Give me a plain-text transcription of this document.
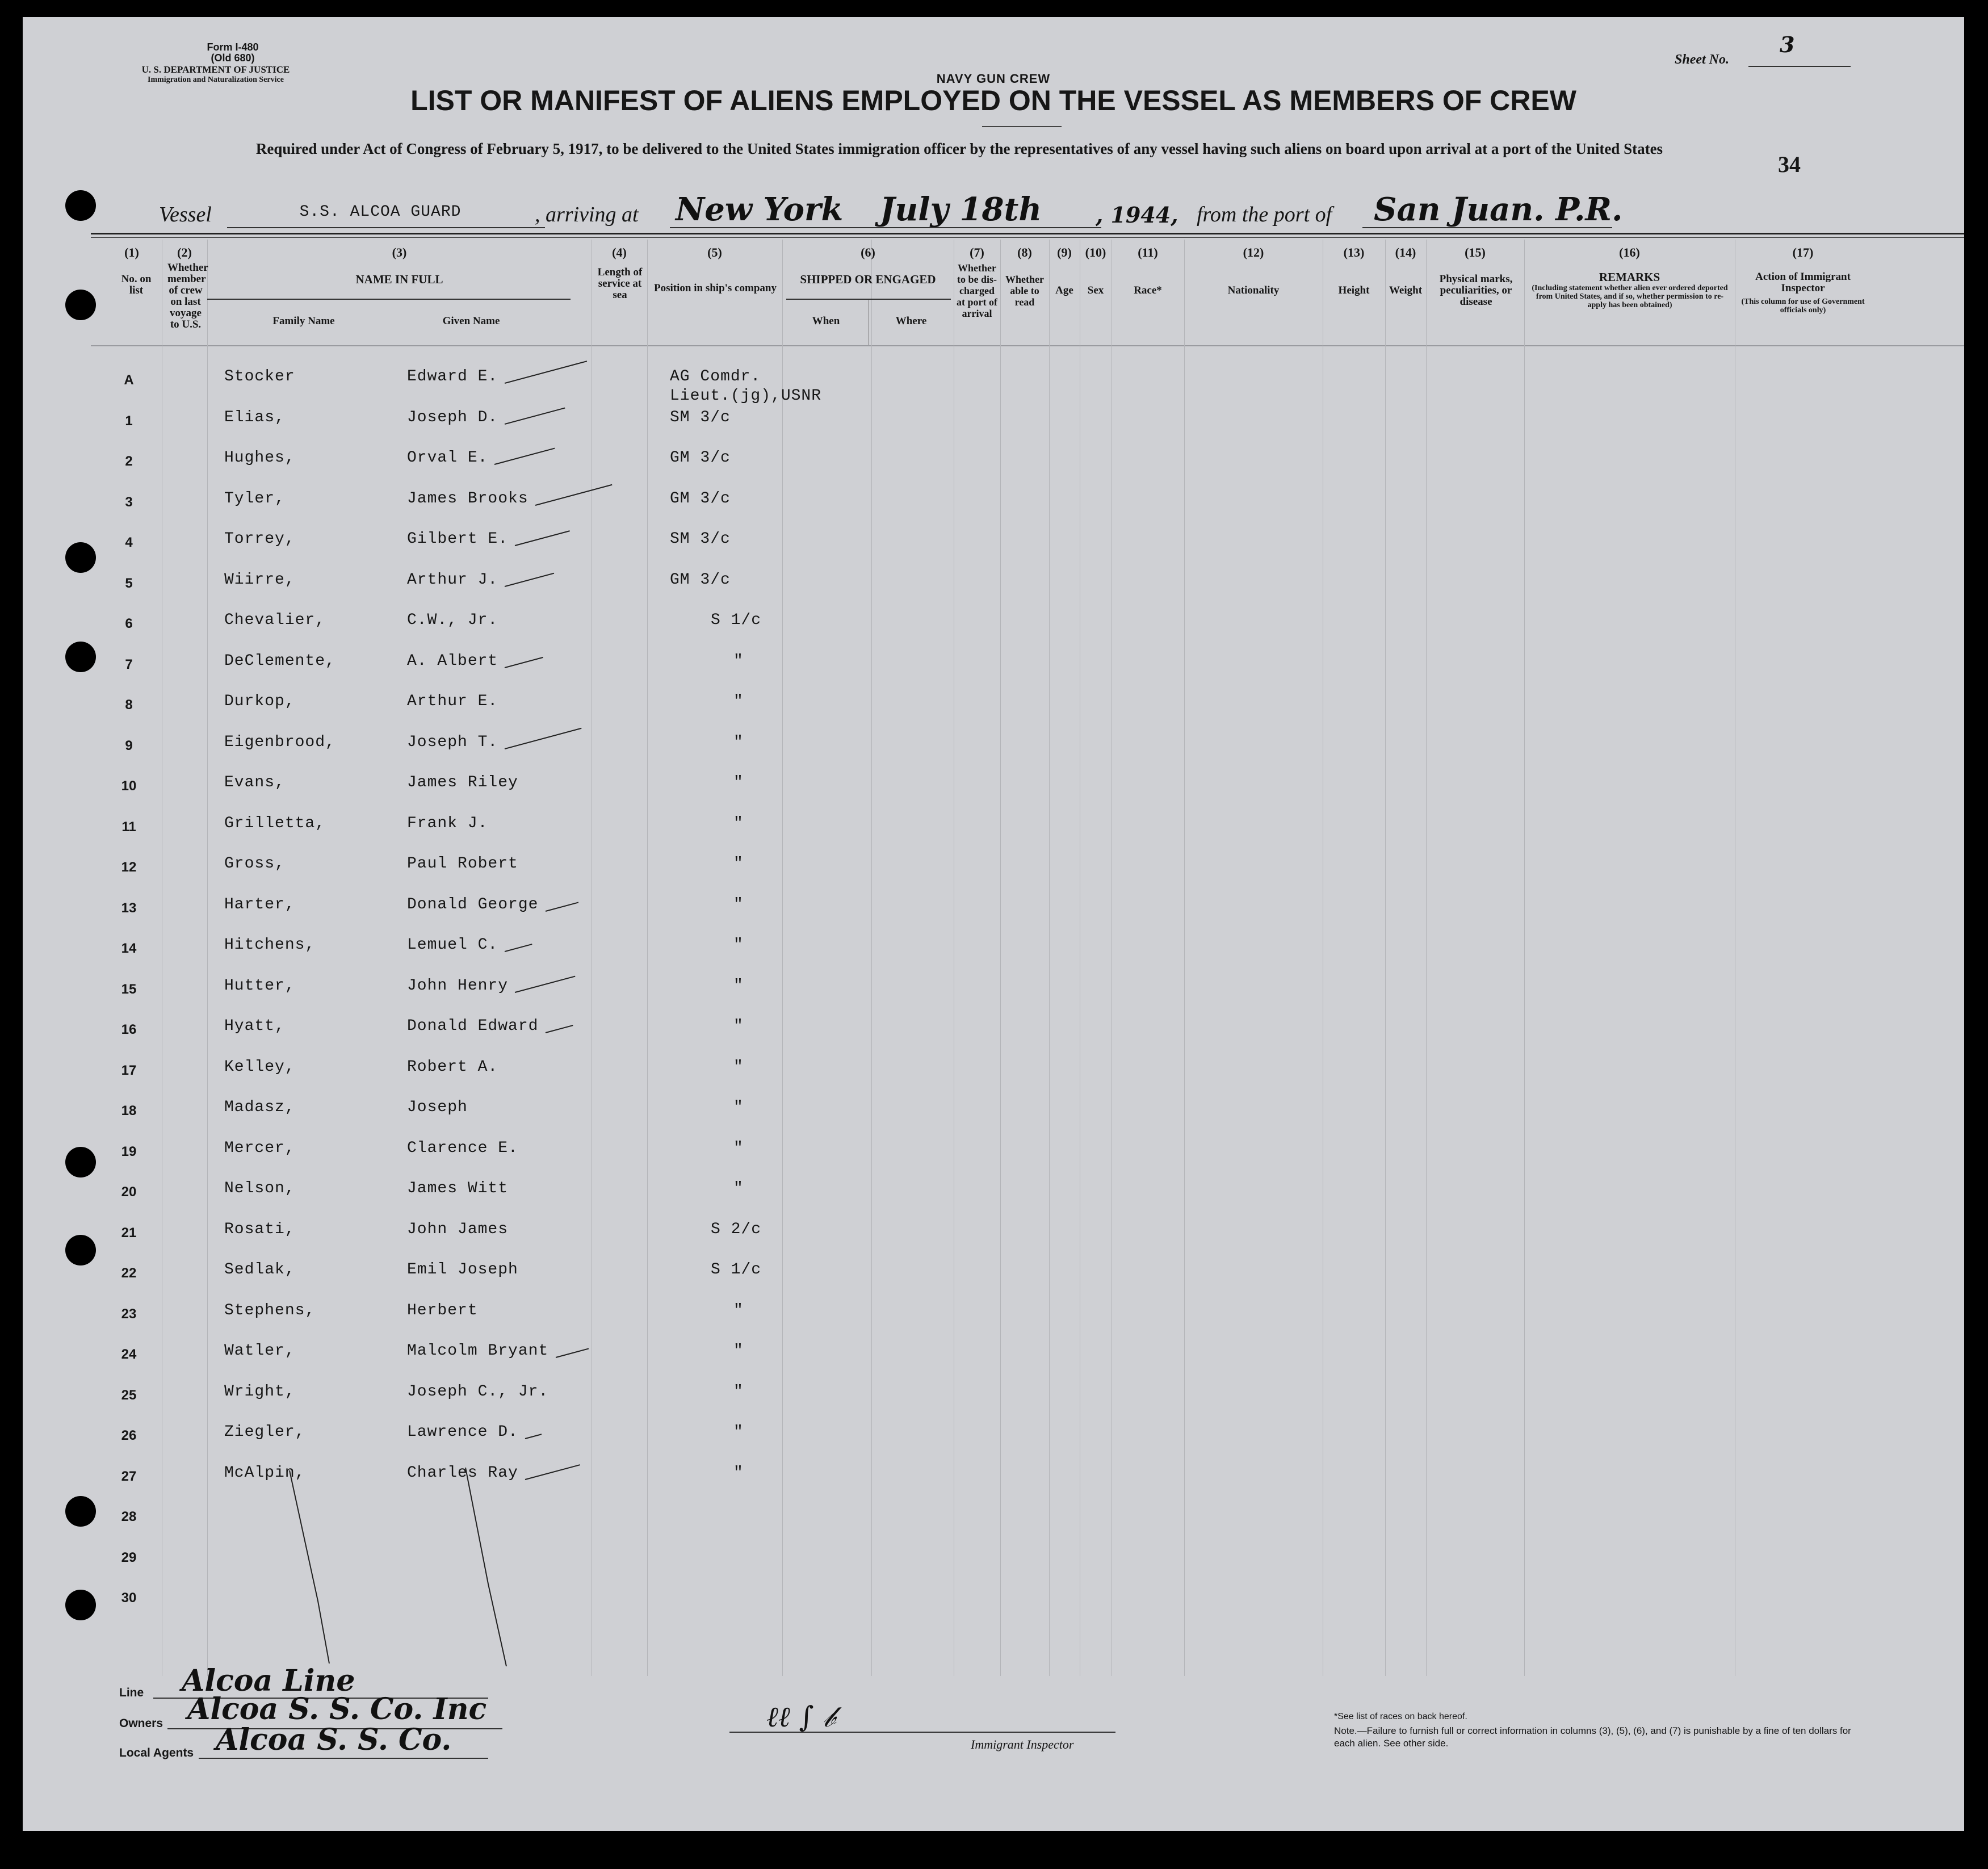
Form I-480
(Old 680)
U. S. DEPARTMENT OF JUSTICE
Immigration and Naturalization Service
Sheet No.
3
34
NAVY GUN CREW
LIST OR MANIFEST OF ALIENS EMPLOYED ON THE VESSEL AS MEMBERS OF CREW
Required under Act of Congress of February 5, 1917, to be delivered to the United States immigration officer by the representatives of any vessel having such aliens on board upon arrival at a port of the United States
Vessel	S.S. ALCOA GUARD	, arriving at New York July 18th , 1944, from the port of San Juan. P.R.
(1)	(2)	(3)	(4)	(5)	(6)	(7)	(8)	(9)	(10)	(11)	(12)	(13)	(14)	(15)	(16)	(17)
No. on list
Whether member of crew on last voyage to U.S.
NAME IN FULL
Family Name	Given Name
Length of service at sea
Position in ship's company
SHIPPED OR ENGAGED
When	Where
Whether to be dis-charged at port of arrival
Whether able to read
Age	Sex	Race*	Nationality	Height	Weight
Physical marks, peculiarities, or disease
REMARKS
(Including statement whether alien ever ordered deported from United States, and if so, whether permission to re-apply has been obtained)
Action of Immigrant Inspector
(This column for use of Government officials only)
A	Stocker	Edward E.	AG Comdr.
Lieut.(jg),USNR
1	Elias,	Joseph D.	SM 3/c
2	Hughes,	Orval E.	GM 3/c
3	Tyler,	James Brooks	GM 3/c
4	Torrey,	Gilbert E.	SM 3/c
5	Wiirre,	Arthur J.	GM 3/c
6	Chevalier,	C.W., Jr.	S 1/c
7	DeClemente,	A. Albert	"
8	Durkop,	Arthur E.	"
9	Eigenbrood,	Joseph T.	"
10	Evans,	James Riley	"
11	Grilletta,	Frank J.	"
12	Gross,	Paul Robert	"
13	Harter,	Donald George	"
14	Hitchens,	Lemuel C.	"
15	Hutter,	John Henry	"
16	Hyatt,	Donald Edward	"
17	Kelley,	Robert A.	"
18	Madasz,	Joseph	"
19	Mercer,	Clarence E.	"
20	Nelson,	James Witt	"
21	Rosati,	John James	S 2/c
22	Sedlak,	Emil Joseph	S 1/c
23	Stephens,	Herbert	"
24	Watler,	Malcolm Bryant	"
25	Wright,	Joseph C., Jr.	"
26	Ziegler,	Lawrence D.	"
27	McAlpin,	Charles Ray	"
28
29
30
Line Alcoa Line
Owners Alcoa S. S. Co. Inc
Local Agents Alcoa S. S. Co.
ℓℓ︎ ∫ 𝒷
Immigrant Inspector
*See list of races on back hereof.
Note.—Failure to furnish full or correct information in columns (3), (5), (6), and (7) is punishable by a fine of ten dollars for each alien. See other side.
